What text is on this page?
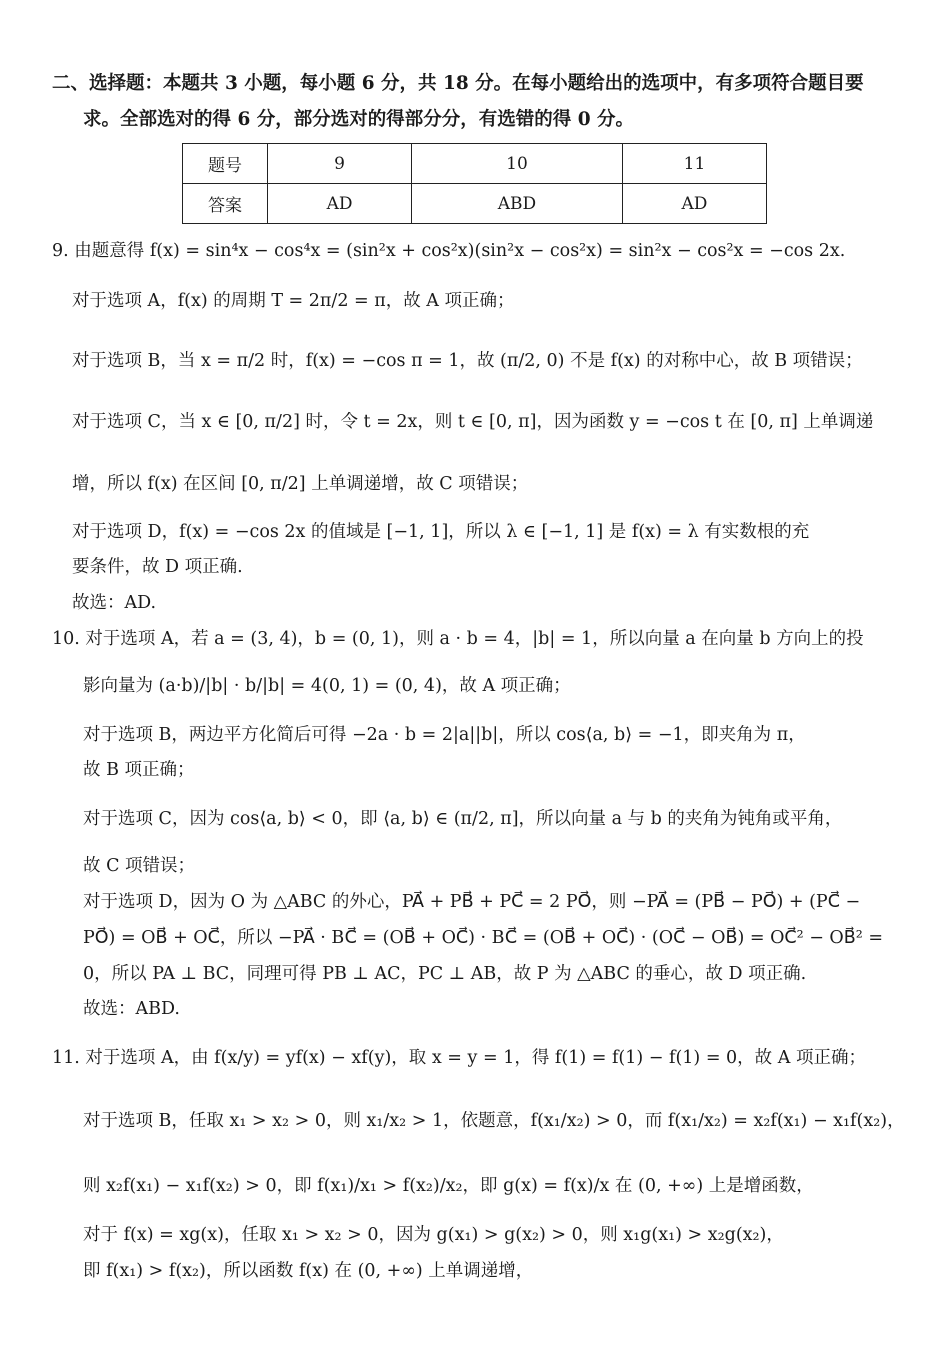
二、选择题：本题共 3 小题，每小题 6 分，共 18 分。在每小题给出的选项中，有多项符合题目要
求。全部选对的得 6 分，部分选对的得部分分，有选错的得 0 分。
题号	9	10	11
答案	AD	ABD	AD
9. 由题意得 f(x) = sin⁴x − cos⁴x = (sin²x + cos²x)(sin²x − cos²x) = sin²x − cos²x = −cos 2x.
对于选项 A，f(x) 的周期 T = 2π/2 = π，故 A 项正确；
对于选项 B，当 x = π/2 时，f(x) = −cos π = 1，故 (π/2, 0) 不是 f(x) 的对称中心，故 B 项错误；
对于选项 C，当 x ∈ [0, π/2] 时，令 t = 2x，则 t ∈ [0, π]，因为函数 y = −cos t 在 [0, π] 上单调递
增，所以 f(x) 在区间 [0, π/2] 上单调递增，故 C 项错误；
对于选项 D，f(x) = −cos 2x 的值域是 [−1, 1]，所以 λ ∈ [−1, 1] 是 f(x) = λ 有实数根的充
要条件，故 D 项正确.
故选：AD.
10. 对于选项 A，若 a = (3, 4)，b = (0, 1)，则 a · b = 4，|b| = 1，所以向量 a 在向量 b 方向上的投
影向量为 (a·b)/|b| · b/|b| = 4(0, 1) = (0, 4)，故 A 项正确；
对于选项 B，两边平方化简后可得 −2a · b = 2|a||b|，所以 cos⟨a, b⟩ = −1，即夹角为 π，
故 B 项正确；
对于选项 C，因为 cos⟨a, b⟩ < 0，即 ⟨a, b⟩ ∈ (π/2, π]，所以向量 a 与 b 的夹角为钝角或平角，
故 C 项错误；
对于选项 D，因为 O 为 △ABC 的外心，PA⃗ + PB⃗ + PC⃗ = 2 PO⃗，则 −PA⃗ = (PB⃗ − PO⃗) + (PC⃗ −
PO⃗) = OB⃗ + OC⃗，所以 −PA⃗ · BC⃗ = (OB⃗ + OC⃗) · BC⃗ = (OB⃗ + OC⃗) · (OC⃗ − OB⃗) = OC⃗² − OB⃗² =
0，所以 PA ⊥ BC，同理可得 PB ⊥ AC，PC ⊥ AB，故 P 为 △ABC 的垂心，故 D 项正确.
故选：ABD.
11. 对于选项 A，由 f(x/y) = yf(x) − xf(y)，取 x = y = 1，得 f(1) = f(1) − f(1) = 0，故 A 项正确；
对于选项 B，任取 x₁ > x₂ > 0，则 x₁/x₂ > 1，依题意，f(x₁/x₂) > 0，而 f(x₁/x₂) = x₂f(x₁) − x₁f(x₂)，
则 x₂f(x₁) − x₁f(x₂) > 0，即 f(x₁)/x₁ > f(x₂)/x₂，即 g(x) = f(x)/x 在 (0, +∞) 上是增函数，
对于 f(x) = xg(x)，任取 x₁ > x₂ > 0，因为 g(x₁) > g(x₂) > 0，则 x₁g(x₁) > x₂g(x₂)，
即 f(x₁) > f(x₂)，所以函数 f(x) 在 (0, +∞) 上单调递增，
